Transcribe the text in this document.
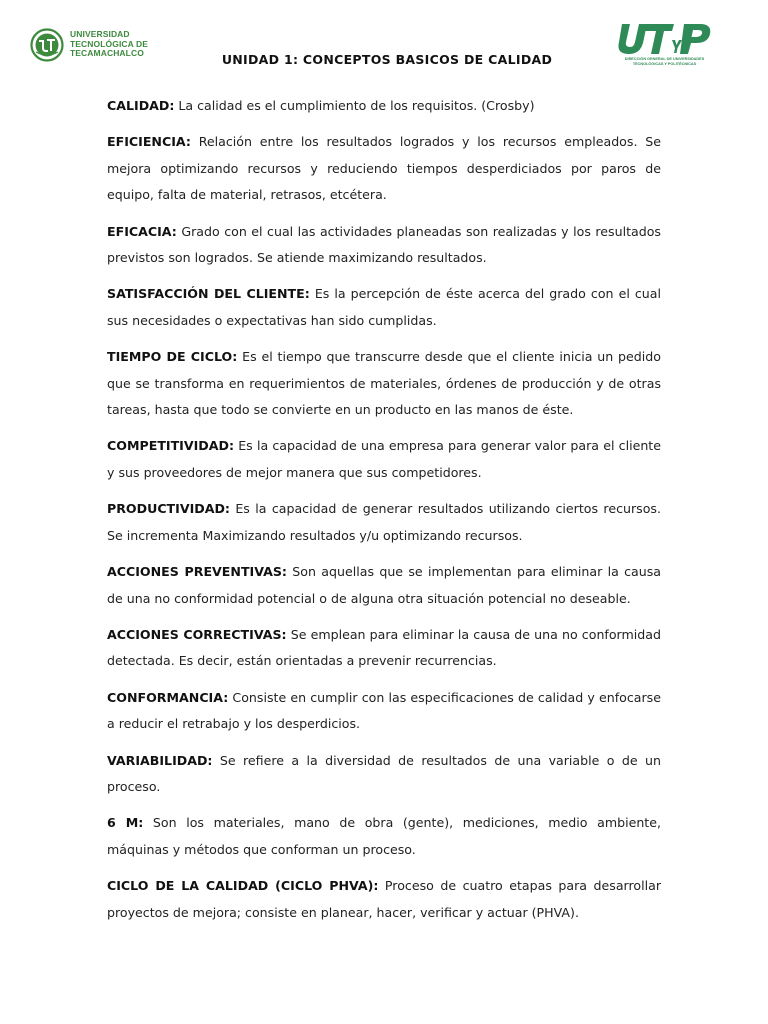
UNIVERSIDAD
TECNOLÓGICA DE
TECAMACHALCO	UNIDAD 1: CONCEPTOS BASICOS DE CALIDAD	DIRECCIÓN GENERAL DE UNIVERSIDADES
TECNOLÓGICAS Y POLITÉCNICAS

CALIDAD: La calidad es el cumplimiento de los requisitos. (Crosby)

EFICIENCIA: Relación entre los resultados logrados y los recursos empleados. Se mejora optimizando recursos y reduciendo tiempos desperdiciados por paros de equipo, falta de material, retrasos, etcétera.

EFICACIA: Grado con el cual las actividades planeadas son realizadas y los resultados previstos son logrados. Se atiende maximizando resultados.

SATISFACCIÓN DEL CLIENTE: Es la percepción de éste acerca del grado con el cual sus necesidades o expectativas han sido cumplidas.

TIEMPO DE CICLO: Es el tiempo que transcurre desde que el cliente inicia un pedido que se transforma en requerimientos de materiales, órdenes de producción y de otras tareas, hasta que todo se convierte en un producto en las manos de éste.

COMPETITIVIDAD: Es la capacidad de una empresa para generar valor para el cliente y sus proveedores de mejor manera que sus competidores.

PRODUCTIVIDAD: Es la capacidad de generar resultados utilizando ciertos recursos. Se incrementa Maximizando resultados y/u optimizando recursos.

ACCIONES PREVENTIVAS: Son aquellas que se implementan para eliminar la causa de una no conformidad potencial o de alguna otra situación potencial no deseable.

ACCIONES CORRECTIVAS: Se emplean para eliminar la causa de una no conformidad detectada. Es decir, están orientadas a prevenir recurrencias.

CONFORMANCIA: Consiste en cumplir con las especificaciones de calidad y enfocarse a reducir el retrabajo y los desperdicios.

VARIABILIDAD: Se refiere a la diversidad de resultados de una variable o de un proceso.

6 M: Son los materiales, mano de obra (gente), mediciones, medio ambiente, máquinas y métodos que conforman un proceso.

CICLO DE LA CALIDAD (CICLO PHVA): Proceso de cuatro etapas para desarrollar proyectos de mejora; consiste en planear, hacer, verificar y actuar (PHVA).
